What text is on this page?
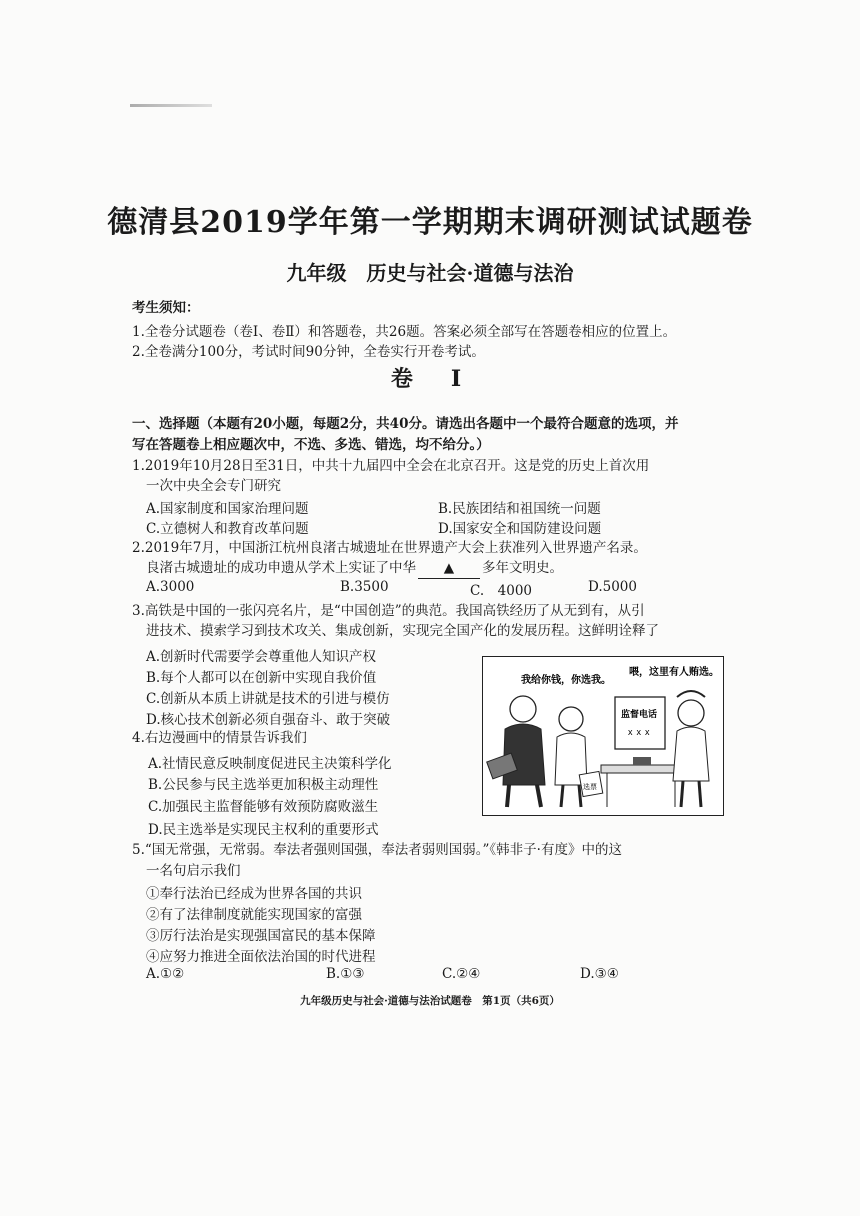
德清县2019学年第一学期期末调研测试试题卷
九年级　历史与社会·道德与法治
考生须知：
1.全卷分试题卷（卷Ⅰ、卷Ⅱ）和答题卷，共26题。答案必须全部写在答题卷相应的位置上。
2.全卷满分100分，考试时间90分钟，全卷实行开卷考试。
卷　Ⅰ
一、选择题（本题有20小题，每题2分，共40分。请选出各题中一个最符合题意的选项，并
写在答题卷上相应题次中，不选、多选、错选，均不给分。）
1.2019年10月28日至31日，中共十九届四中全会在北京召开。这是党的历史上首次用
一次中央全会专门研究
A.国家制度和国家治理问题	B.民族团结和祖国统一问题
C.立德树人和教育改革问题	D.国家安全和国防建设问题
2.2019年7月，中国浙江杭州良渚古城遗址在世界遗产大会上获准列入世界遗产名录。
良渚古城遗址的成功申遗从学术上实证了中华 ▲ 多年文明史。
A.3000	B.3500	C.　4000	D.5000
3.高铁是中国的一张闪亮名片，是“中国创造”的典范。我国高铁经历了从无到有，从引
进技术、摸索学习到技术攻关、集成创新，实现完全国产化的发展历程。这鲜明诠释了
A.创新时代需要学会尊重他人知识产权
B.每个人都可以在创新中实现自我价值
C.创新从本质上讲就是技术的引进与模仿
D.核心技术创新必须自强奋斗、敢于突破
4.右边漫画中的情景告诉我们
A.社情民意反映制度促进民主决策科学化
B.公民参与民主选举更加积极主动理性
C.加强民主监督能够有效预防腐败滋生
D.民主选举是实现民主权利的重要形式
我给你钱，你选我。
喂，这里有人贿选。
监督电话
xxx
选票
5.“国无常强，无常弱。奉法者强则国强，奉法者弱则国弱。”《韩非子·有度》中的这
一名句启示我们
①奉行法治已经成为世界各国的共识
②有了法律制度就能实现国家的富强
③厉行法治是实现强国富民的基本保障
④应努力推进全面依法治国的时代进程
A.①②	B.①③	C.②④	D.③④
九年级历史与社会·道德与法治试题卷　第1页（共6页）
